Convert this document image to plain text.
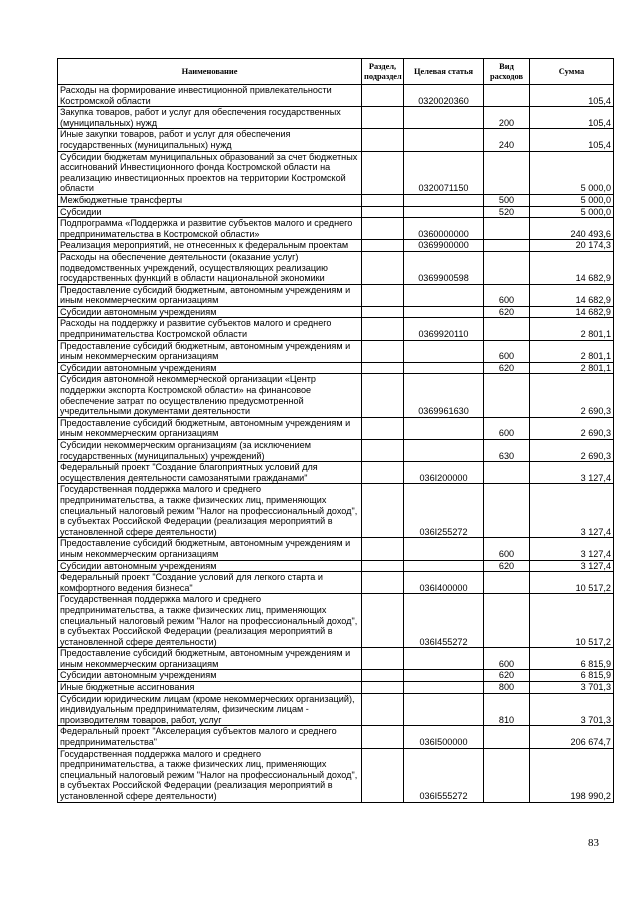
Наименование	Раздел, подраздел	Целевая статья	Вид расходов	Сумма
Расходы на формирование инвестиционной привлекательности Костромской области		0320020360		105,4
Закупка товаров, работ и услуг для обеспечения государственных (муниципальных) нужд			200	105,4
Иные закупки товаров, работ и услуг для обеспечения государственных (муниципальных) нужд			240	105,4
Субсидии бюджетам муниципальных образований за счет бюджетных ассигнований Инвестиционного фонда Костромской области на реализацию инвестиционных проектов на территории Костромской области		0320071150		5 000,0
Межбюджетные трансферты			500	5 000,0
Субсидии			520	5 000,0
Подпрограмма «Поддержка и развитие субъектов малого и среднего предпринимательства в Костромской области»		0360000000		240 493,6
Реализация мероприятий, не отнесенных к федеральным проектам		0369900000		20 174,3
Расходы на обеспечение деятельности (оказание услуг) подведомственных учреждений, осуществляющих реализацию государственных функций в области национальной экономики		0369900598		14 682,9
Предоставление субсидий бюджетным, автономным учреждениям и иным некоммерческим организациям			600	14 682,9
Субсидии автономным учреждениям			620	14 682,9
Расходы на поддержку и развитие субъектов малого и среднего предпринимательства Костромской области		0369920110		2 801,1
Предоставление субсидий бюджетным, автономным учреждениям и иным некоммерческим организациям			600	2 801,1
Субсидии автономным учреждениям			620	2 801,1
Субсидия автономной некоммерческой организации «Центр поддержки экспорта Костромской области» на финансовое обеспечение затрат по осуществлению предусмотренной учредительными документами деятельности		0369961630		2 690,3
Предоставление субсидий бюджетным, автономным учреждениям и иным некоммерческим организациям			600	2 690,3
Субсидии некоммерческим организациям (за исключением государственных (муниципальных) учреждений)			630	2 690,3
Федеральный проект "Создание благоприятных условий для осуществления деятельности самозанятыми гражданами"		036I200000		3 127,4
Государственная поддержка малого и среднего предпринимательства, а также физических лиц, применяющих специальный налоговый режим "Налог на профессиональный доход", в субъектах Российской Федерации (реализация мероприятий в установленной сфере деятельности)		036I255272		3 127,4
Предоставление субсидий бюджетным, автономным учреждениям и иным некоммерческим организациям			600	3 127,4
Субсидии автономным учреждениям			620	3 127,4
Федеральный проект "Создание условий для легкого старта и комфортного ведения бизнеса"		036I400000		10 517,2
Государственная поддержка малого и среднего предпринимательства, а также физических лиц, применяющих специальный налоговый режим "Налог на профессиональный доход", в субъектах Российской Федерации (реализация мероприятий в установленной сфере деятельности)		036I455272		10 517,2
Предоставление субсидий бюджетным, автономным учреждениям и иным некоммерческим организациям			600	6 815,9
Субсидии автономным учреждениям			620	6 815,9
Иные бюджетные ассигнования			800	3 701,3
Субсидии юридическим лицам (кроме некоммерческих организаций), индивидуальным предпринимателям, физическим лицам - производителям товаров, работ, услуг			810	3 701,3
Федеральный проект "Акселерация субъектов малого и среднего предпринимательства"		036I500000		206 674,7
Государственная поддержка малого и среднего предпринимательства, а также физических лиц, применяющих специальный налоговый режим "Налог на профессиональный доход", в субъектах Российской Федерации (реализация мероприятий в установленной сфере деятельности)		036I555272		198 990,2
83
